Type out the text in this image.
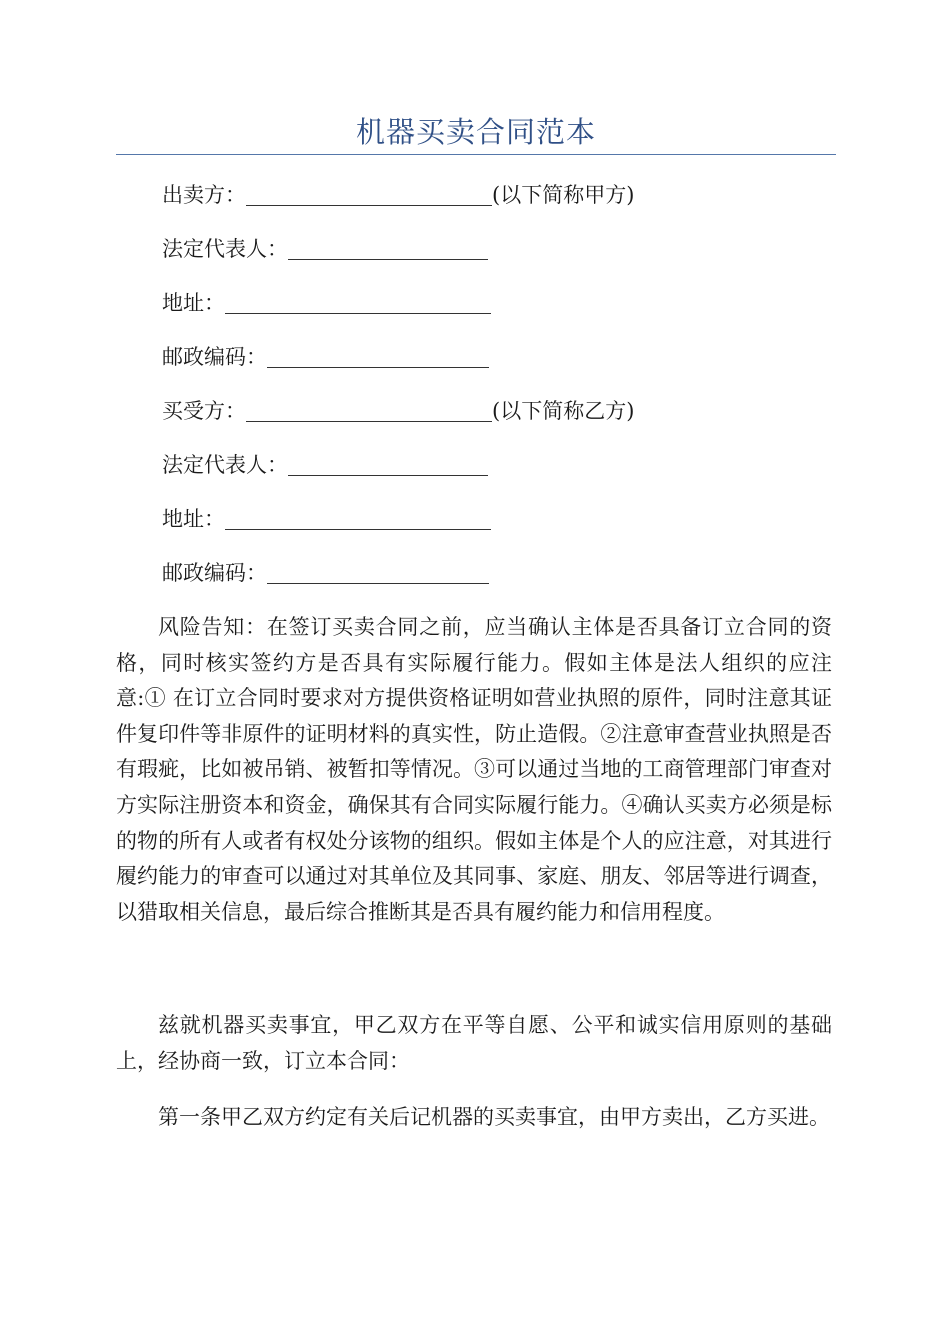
机器买卖合同范本
出卖方：	(以下简称甲方)
法定代表人：
地址：
邮政编码：
买受方：	(以下简称乙方)
法定代表人：
地址：
邮政编码：

风险告知：在签订买卖合同之前，应当确认主体是否具备订立合同的资格，同时核实签约方是否具有实际履行能力。假如主体是法人组织的应注意:① 在订立合同时要求对方提供资格证明如营业执照的原件，同时注意其证件复印件等非原件的证明材料的真实性，防止造假。②注意审查营业执照是否有瑕疵，比如被吊销、被暂扣等情况。③可以通过当地的工商管理部门审查对方实际注册资本和资金，确保其有合同实际履行能力。④确认买卖方必须是标的物的所有人或者有权处分该物的组织。假如主体是个人的应注意，对其进行履约能力的审查可以通过对其单位及其同事、家庭、朋友、邻居等进行调查，以猎取相关信息，最后综合推断其是否具有履约能力和信用程度。

兹就机器买卖事宜，甲乙双方在平等自愿、公平和诚实信用原则的基础上，经协商一致，订立本合同：

第一条甲乙双方约定有关后记机器的买卖事宜，由甲方卖出，乙方买进。
